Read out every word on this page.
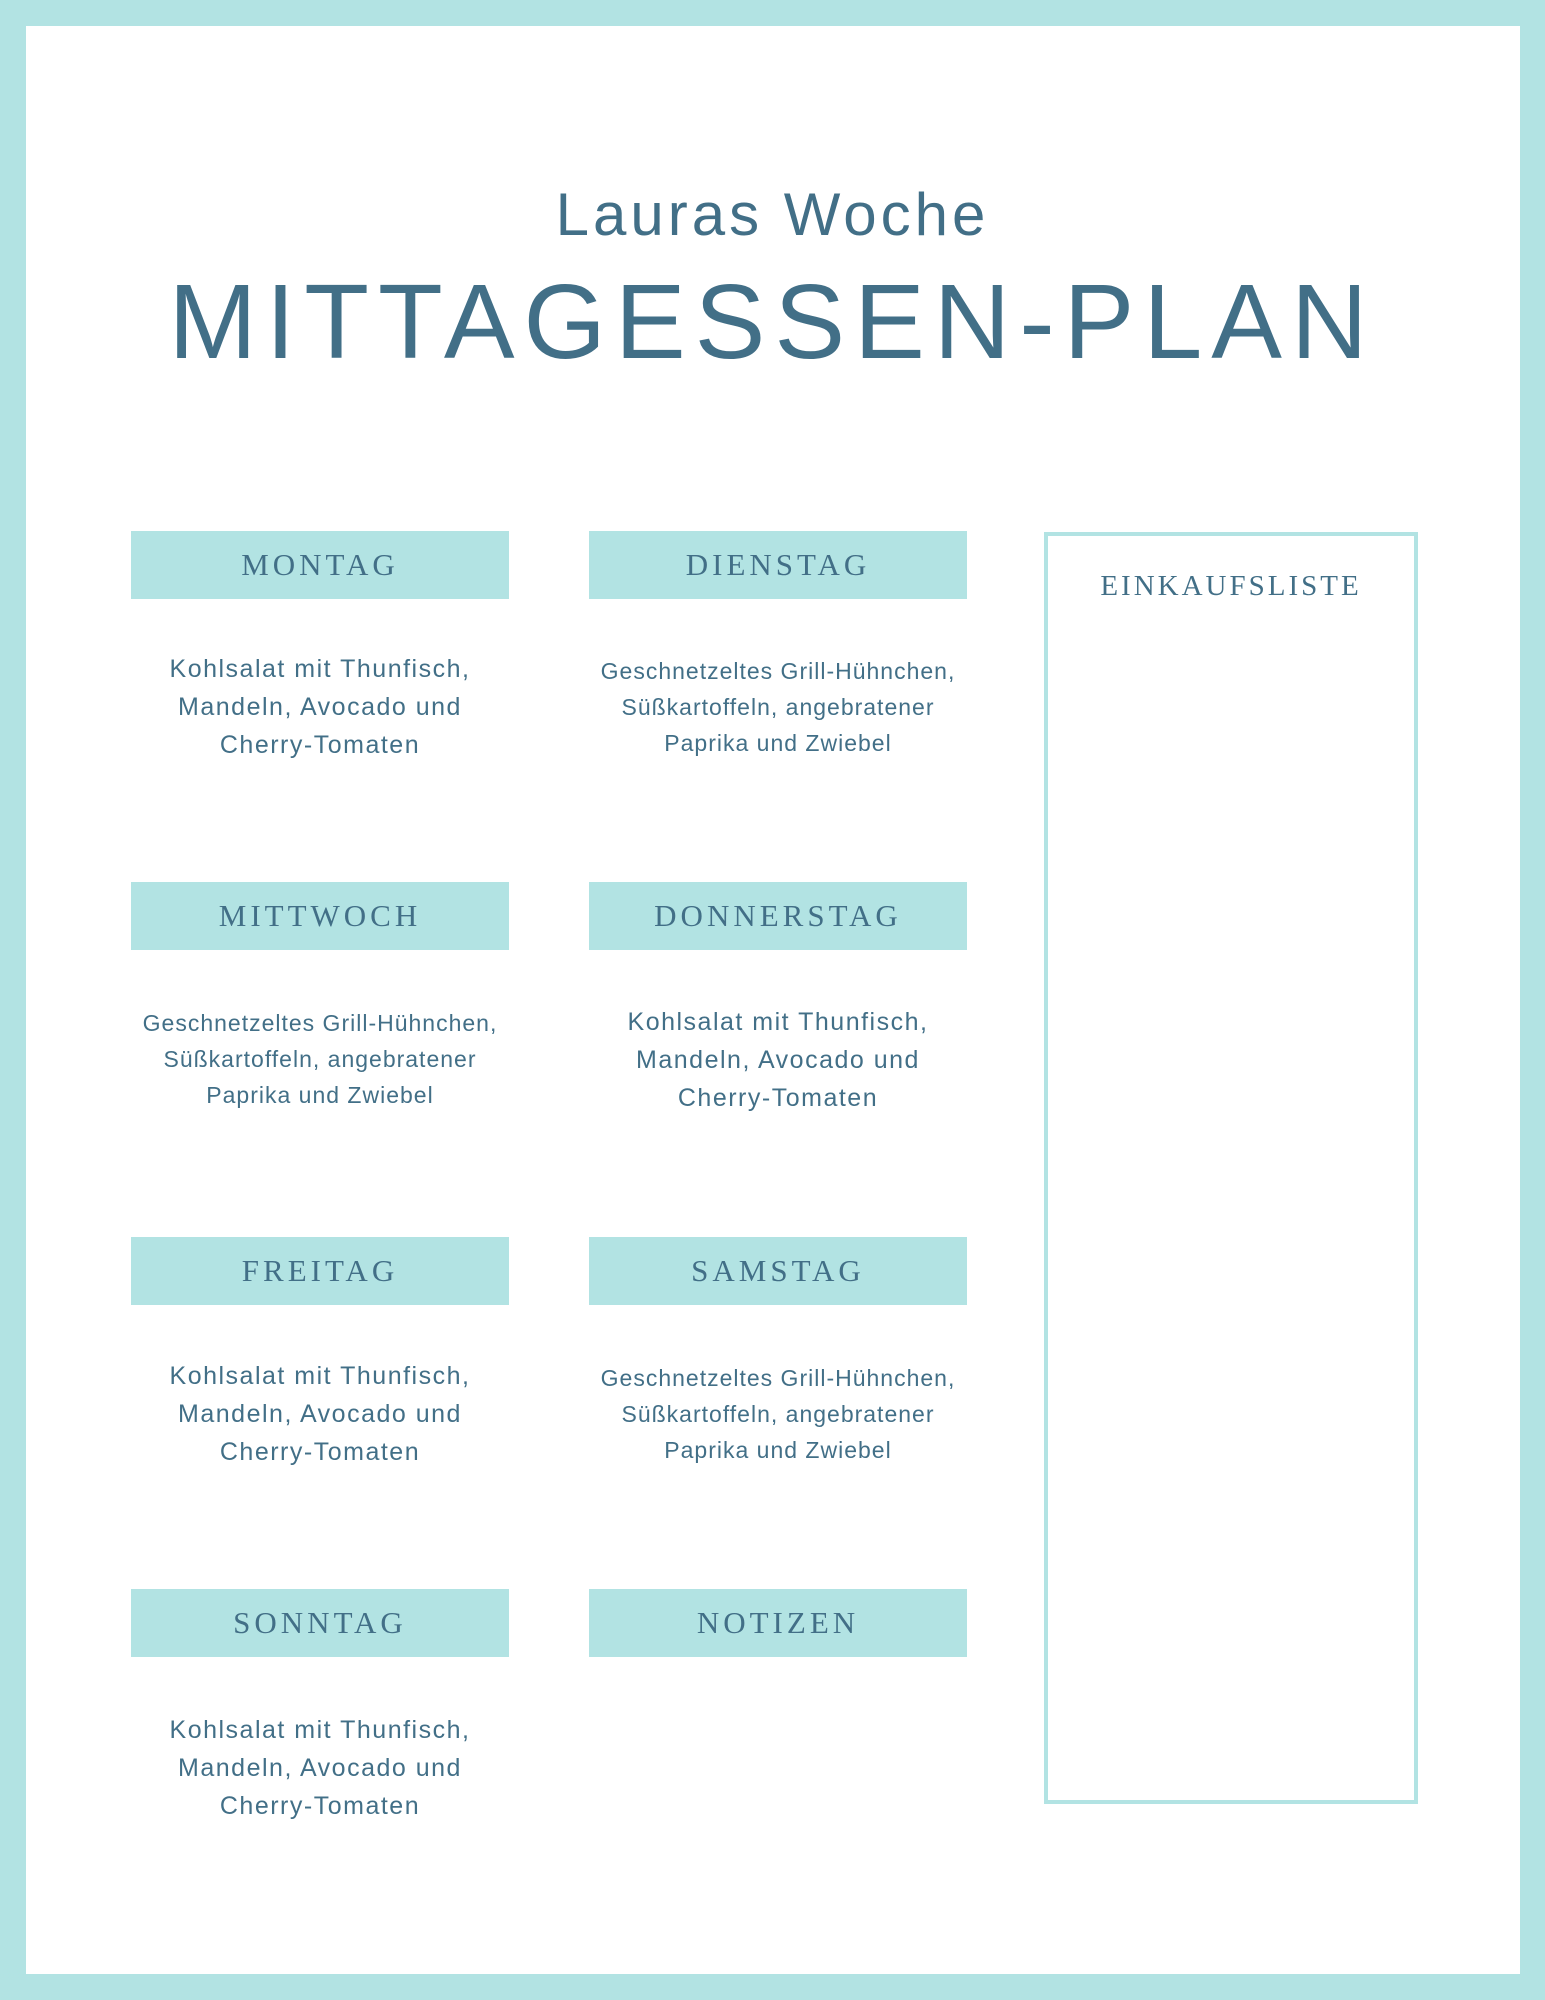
Lauras Woche
MITTAGESSEN-PLAN
MONTAG
Kohlsalat mit Thunfisch,
Mandeln, Avocado und
Cherry-Tomaten
DIENSTAG
Geschnetzeltes Grill-Hühnchen,
Süßkartoffeln, angebratener
Paprika und Zwiebel
MITTWOCH
Geschnetzeltes Grill-Hühnchen,
Süßkartoffeln, angebratener
Paprika und Zwiebel
DONNERSTAG
Kohlsalat mit Thunfisch,
Mandeln, Avocado und
Cherry-Tomaten
FREITAG
Kohlsalat mit Thunfisch,
Mandeln, Avocado und
Cherry-Tomaten
SAMSTAG
Geschnetzeltes Grill-Hühnchen,
Süßkartoffeln, angebratener
Paprika und Zwiebel
SONNTAG
Kohlsalat mit Thunfisch,
Mandeln, Avocado und
Cherry-Tomaten
NOTIZEN
EINKAUFSLISTE
